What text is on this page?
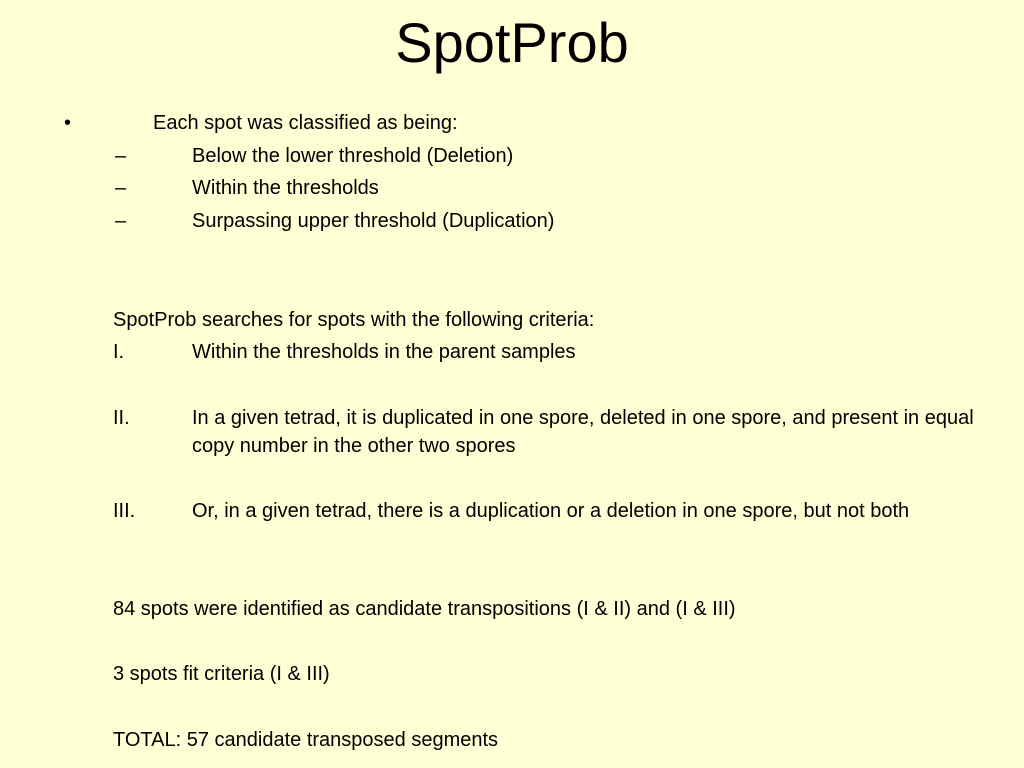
SpotProb
•	Each spot was classified as being:
–	Below the lower threshold (Deletion)
–	Within the thresholds
–	Surpassing upper threshold (Duplication)
SpotProb searches for spots with the following criteria:
I.	Within the thresholds in the parent samples
II.	In a given tetrad, it is duplicated in one spore, deleted in one spore, and present in equal copy number in the other two spores
III.	Or, in a given tetrad, there is a duplication or a deletion in one spore, but not both
84 spots were identified as candidate transpositions (I & II) and (I & III)
3 spots fit criteria (I & III)
TOTAL: 57 candidate transposed segments
